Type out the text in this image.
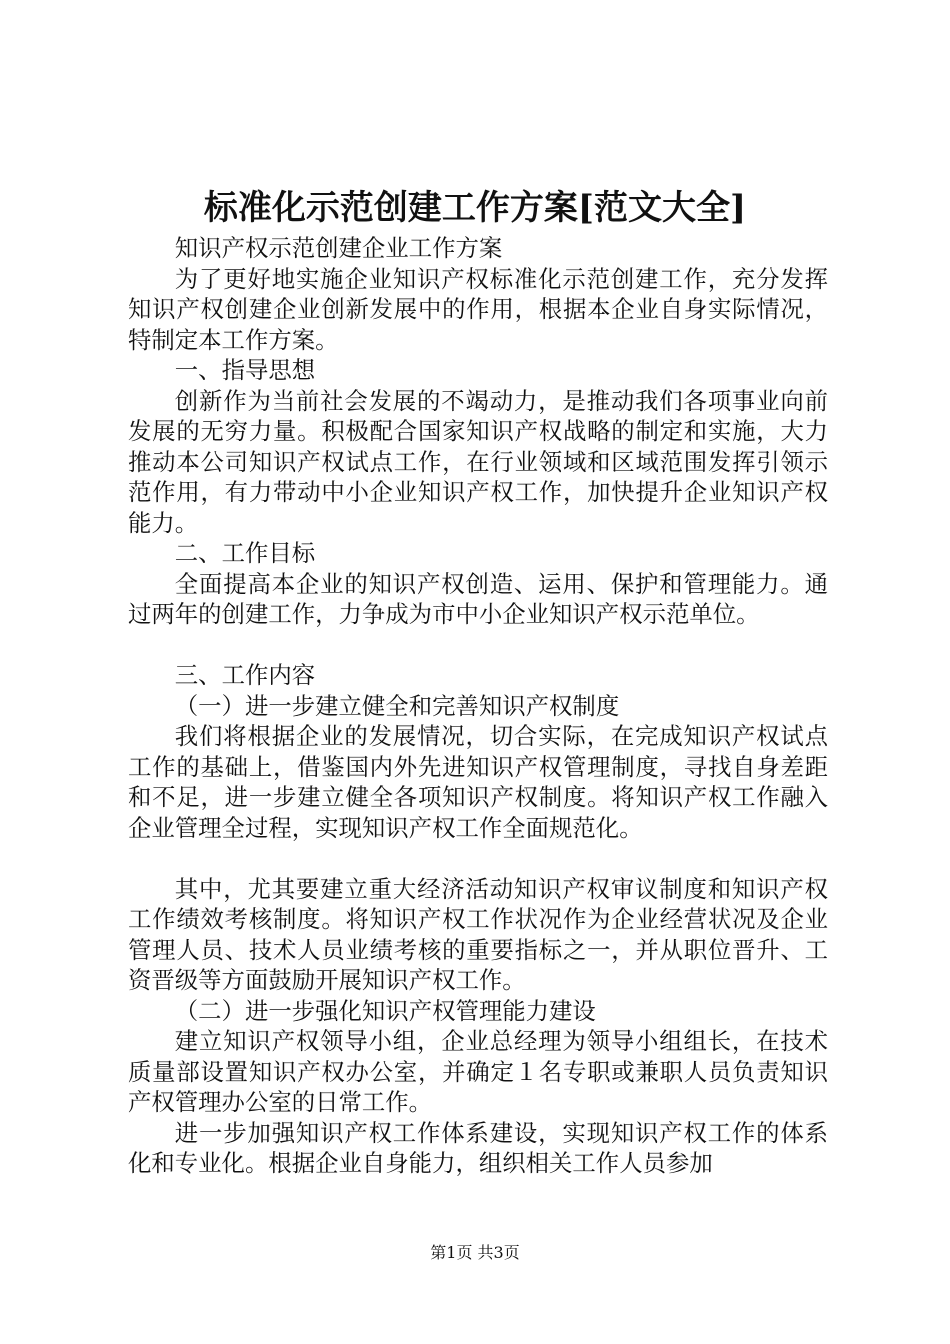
标准化示范创建工作方案[范文大全]

知识产权示范创建企业工作方案

为了更好地实施企业知识产权标准化示范创建工作，充分发挥知识产权创建企业创新发展中的作用，根据本企业自身实际情况，特制定本工作方案。

一、指导思想

创新作为当前社会发展的不竭动力，是推动我们各项事业向前发展的无穷力量。积极配合国家知识产权战略的制定和实施，大力推动本公司知识产权试点工作，在行业领域和区域范围发挥引领示范作用，有力带动中小企业知识产权工作，加快提升企业知识产权能力。

二、工作目标

全面提高本企业的知识产权创造、运用、保护和管理能力。通过两年的创建工作，力争成为市中小企业知识产权示范单位。

三、工作内容

（一）进一步建立健全和完善知识产权制度

我们将根据企业的发展情况，切合实际，在完成知识产权试点工作的基础上，借鉴国内外先进知识产权管理制度，寻找自身差距和不足，进一步建立健全各项知识产权制度。将知识产权工作融入企业管理全过程，实现知识产权工作全面规范化。

其中，尤其要建立重大经济活动知识产权审议制度和知识产权工作绩效考核制度。将知识产权工作状况作为企业经营状况及企业管理人员、技术人员业绩考核的重要指标之一，并从职位晋升、工资晋级等方面鼓励开展知识产权工作。

（二）进一步强化知识产权管理能力建设

建立知识产权领导小组，企业总经理为领导小组组长，在技术质量部设置知识产权办公室，并确定１名专职或兼职人员负责知识产权管理办公室的日常工作。

进一步加强知识产权工作体系建设，实现知识产权工作的体系化和专业化。根据企业自身能力，组织相关工作人员参加

第1页 共3页
